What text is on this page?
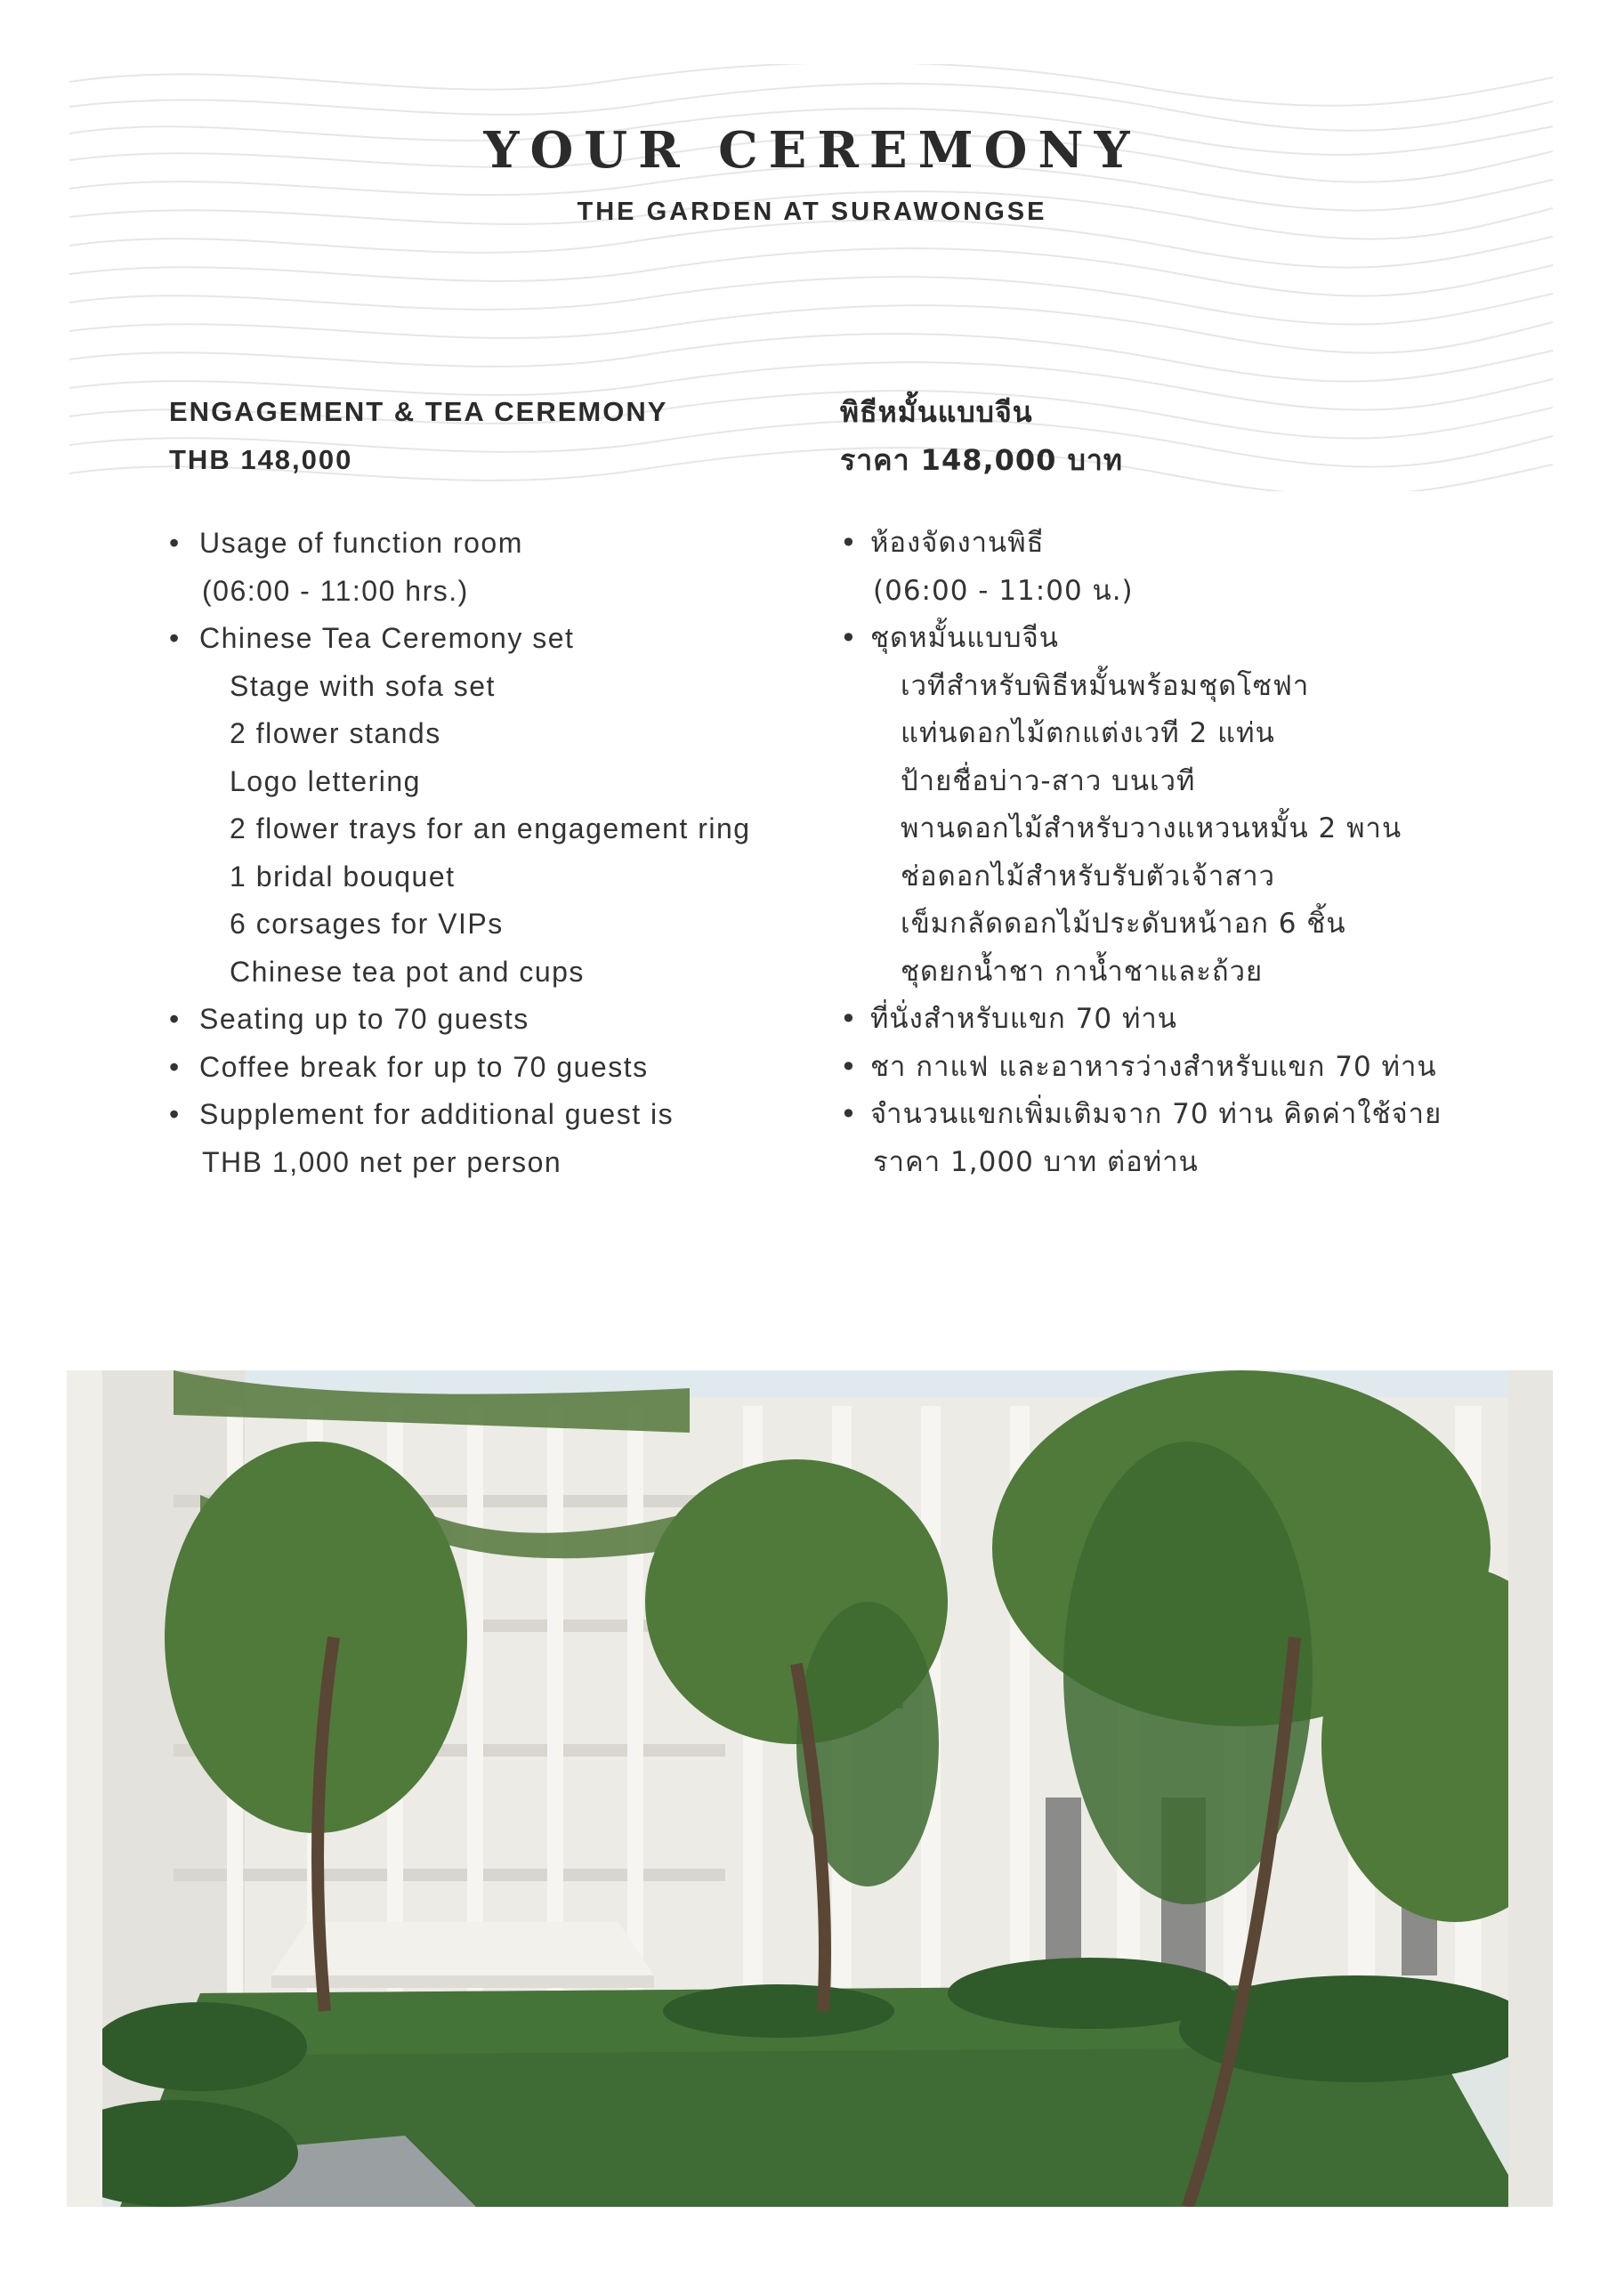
YOUR CEREMONY
THE GARDEN AT SURAWONGSE

ENGAGEMENT & TEA CEREMONY

THB 148,000

• Usage of function room
(06:00 - 11:00 hrs.)
• Chinese Tea Ceremony set
Stage with sofa set
2 flower stands
Logo lettering
2 flower trays for an engagement ring
1 bridal bouquet
6 corsages for VIPs
Chinese tea pot and cups
• Seating up to 70 guests
• Coffee break for up to 70 guests
• Supplement for additional guest is
THB 1,000 net per person

พิธีหมั้นแบบจีน

ราคา 148,000 บาท

• ห้องจัดงานพิธี
(06:00 - 11:00 น.)
• ชุดหมั้นแบบจีน
เวทีสำหรับพิธีหมั้นพร้อมชุดโซฟา
แท่นดอกไม้ตกแต่งเวที 2 แท่น
ป้ายชื่อบ่าว-สาว บนเวที
พานดอกไม้สำหรับวางแหวนหมั้น 2 พาน
ช่อดอกไม้สำหรับรับตัวเจ้าสาว
เข็มกลัดดอกไม้ประดับหน้าอก 6 ชิ้น
ชุดยกน้ำชา กาน้ำชาและถ้วย
• ที่นั่งสำหรับแขก 70 ท่าน
• ชา กาแฟ และอาหารว่างสำหรับแขก 70 ท่าน
• จำนวนแขกเพิ่มเติมจาก 70 ท่าน คิดค่าใช้จ่าย
ราคา 1,000 บาท ต่อท่าน
